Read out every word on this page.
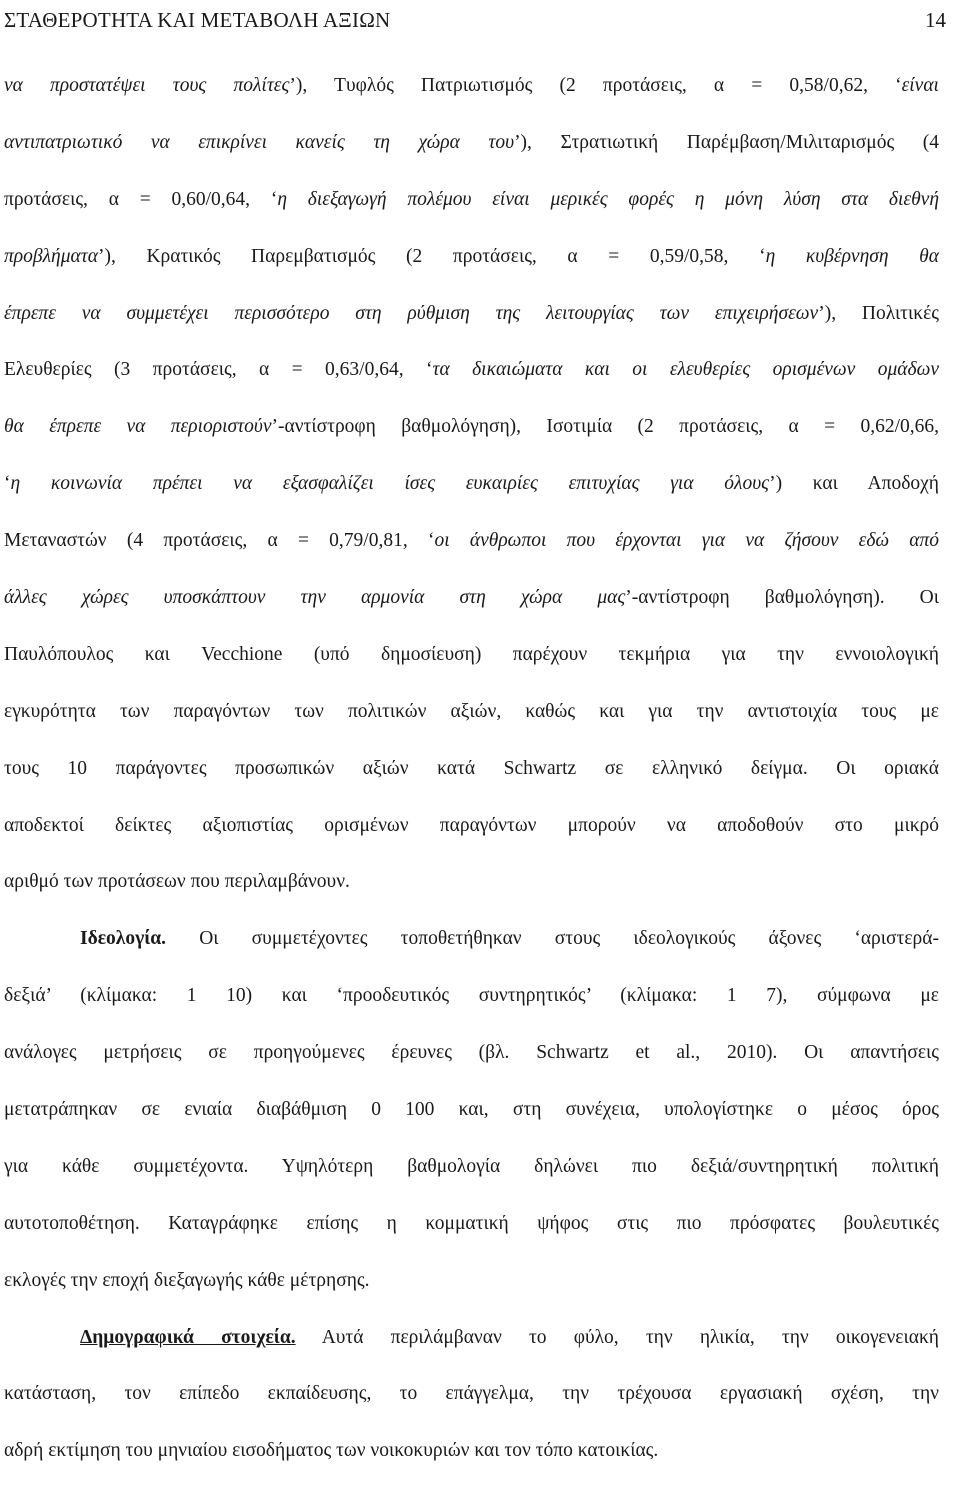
ΣΤΑΘΕΡΟΤΗΤΑ ΚΑΙ ΜΕΤΑΒΟΛΗ ΑΞΙΩΝ	14
να προστατέψει τους πολίτες’), Τυφλός Πατριωτισμός (2 προτάσεις, α = 0,58/0,62, ‘είναι
αντιπατριωτικό να επικρίνει κανείς τη χώρα του’), Στρατιωτική Παρέμβαση/Μιλιταρισμός (4
προτάσεις, α = 0,60/0,64, ‘η διεξαγωγή πολέμου είναι μερικές φορές η μόνη λύση στα διεθνή
προβλήματα’), Κρατικός Παρεμβατισμός (2 προτάσεις, α = 0,59/0,58, ‘η κυβέρνηση θα
έπρεπε να συμμετέχει περισσότερο στη ρύθμιση της λειτουργίας των επιχειρήσεων’), Πολιτικές
Ελευθερίες (3 προτάσεις, α = 0,63/0,64, ‘τα δικαιώματα και οι ελευθερίες ορισμένων ομάδων
θα έπρεπε να περιοριστούν’-αντίστροφη βαθμολόγηση), Ισοτιμία (2 προτάσεις, α = 0,62/0,66,
‘η κοινωνία πρέπει να εξασφαλίζει ίσες ευκαιρίες επιτυχίας για όλους’) και Αποδοχή
Μεταναστών (4 προτάσεις, α = 0,79/0,81, ‘οι άνθρωποι που έρχονται για να ζήσουν εδώ από
άλλες χώρες υποσκάπτουν την αρμονία στη χώρα μας’-αντίστροφη βαθμολόγηση). Οι
Παυλόπουλος και Vecchione (υπό δημοσίευση) παρέχουν τεκμήρια για την εννοιολογική
εγκυρότητα των παραγόντων των πολιτικών αξιών, καθώς και για την αντιστοιχία τους με
τους 10 παράγοντες προσωπικών αξιών κατά Schwartz σε ελληνικό δείγμα. Οι οριακά
αποδεκτοί δείκτες αξιοπιστίας ορισμένων παραγόντων μπορούν να αποδοθούν στο μικρό
αριθμό των προτάσεων που περιλαμβάνουν.
Ιδεολογία. Οι συμμετέχοντες τοποθετήθηκαν στους ιδεολογικούς άξονες ‘αριστερά-
δεξιά’ (κλίμακα: 1 10) και ‘προοδευτικός συντηρητικός’ (κλίμακα: 1 7), σύμφωνα με
ανάλογες μετρήσεις σε προηγούμενες έρευνες (βλ. Schwartz et al., 2010). Οι απαντήσεις
μετατράπηκαν σε ενιαία διαβάθμιση 0 100 και, στη συνέχεια, υπολογίστηκε ο μέσος όρος
για κάθε συμμετέχοντα. Υψηλότερη βαθμολογία δηλώνει πιο δεξιά/συντηρητική πολιτική
αυτοτοποθέτηση. Καταγράφηκε επίσης η κομματική ψήφος στις πιο πρόσφατες βουλευτικές
εκλογές την εποχή διεξαγωγής κάθε μέτρησης.
Δημογραφικά στοιχεία. Αυτά περιλάμβαναν το φύλο, την ηλικία, την οικογενειακή
κατάσταση, τον επίπεδο εκπαίδευσης, το επάγγελμα, την τρέχουσα εργασιακή σχέση, την
αδρή εκτίμηση του μηνιαίου εισοδήματος των νοικοκυριών και τον τόπο κατοικίας.
